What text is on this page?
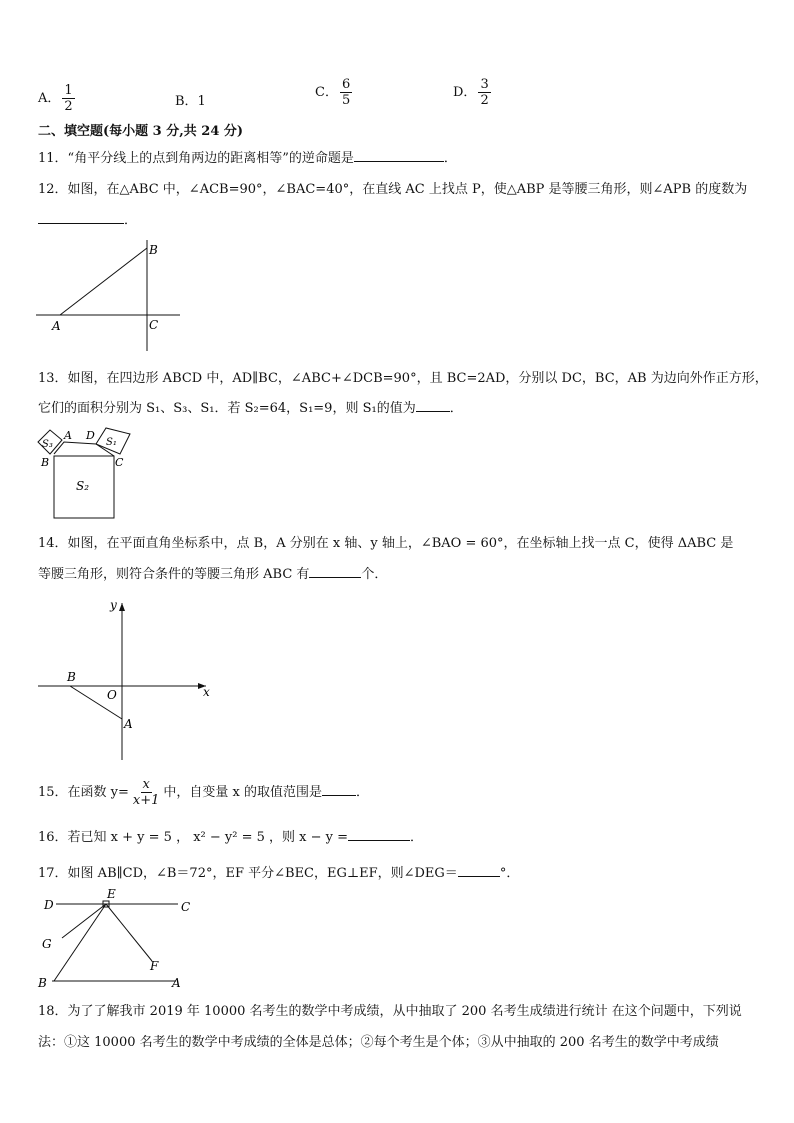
A． $\frac{1}{2}$	B．1
C． $\frac{6}{5}$	D． $\frac{3}{2}$
二、填空题(每小题 3 分,共 24 分)
11．“角平分线上的点到角两边的距离相等”的逆命题是	．
12．如图，在△ABC 中，∠ACB=90°，∠BAC=40°，在直线 AC 上找点 P，使△ABP 是等腰三角形，则∠APB 的度数为
．
B
A	C
13．如图，在四边形 ABCD 中，AD∥BC，∠ABC+∠DCB=90°，且 BC=2AD，分别以 DC，BC，AB 为边向外作正方形，
它们的面积分别为 S₁、S₃、S₁．若 S₂=64，S₁=9，则 S₁的值为	．
S₃
A D
S₁
B	C
S₂
14．如图，在平面直角坐标系中，点 B，A 分别在 x 轴、y 轴上，∠BAO = 60°，在坐标轴上找一点 C，使得 ΔABC 是
等腰三角形，则符合条件的等腰三角形 ABC 有	个．
y
x
B
O
A
15．在函数 $y= \frac{x}{x+1}$ 中，自变量 x 的取值范围是	．
16．若已知 x + y = 5 ， x² − y² = 5 ，则 x − y =	．
17．如图 AB∥CD，∠B＝72°，EF 平分∠BEC，EG⊥EF，则∠DEG＝	°．
E
D	C
G
F
B	A
18．为了了解我市 2019 年 10000 名考生的数学中考成绩，从中抽取了 200 名考生成绩进行统计 在这个问题中，下列说
法：①这 10000 名考生的数学中考成绩的全体是总体；②每个考生是个体；③从中抽取的 200 名考生的数学中考成绩
